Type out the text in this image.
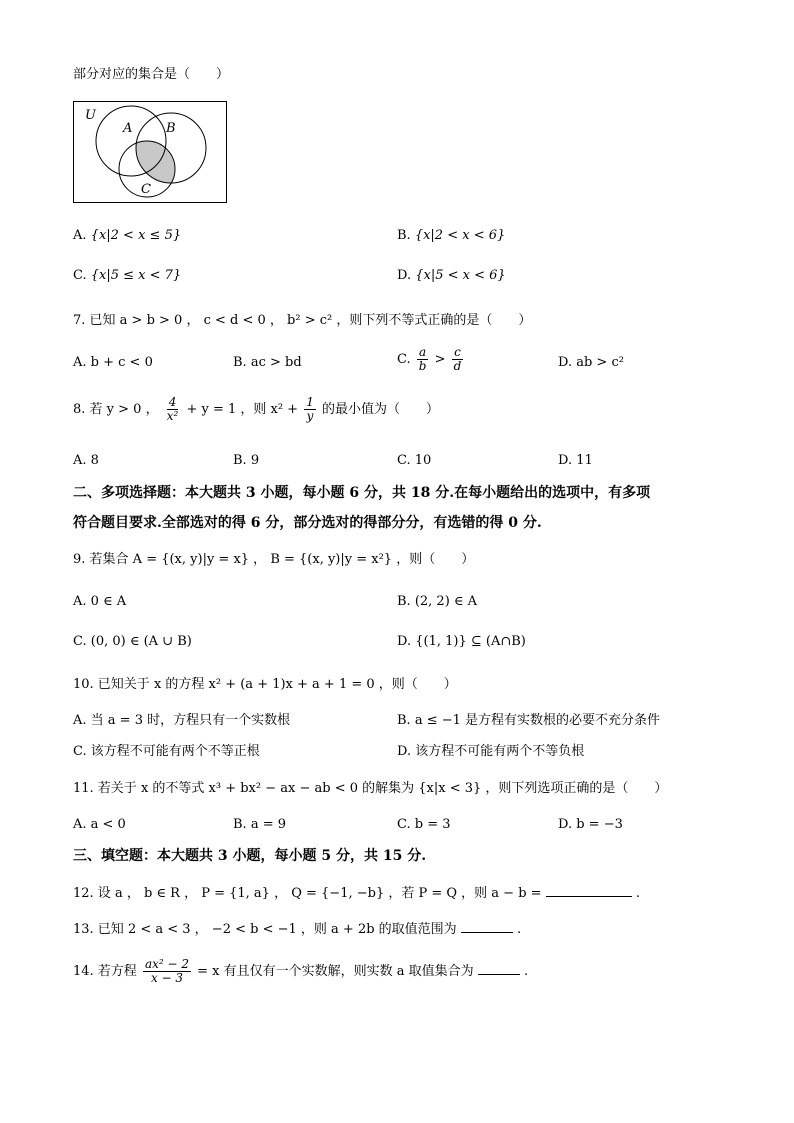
部分对应的集合是（　　）
U
A	B
C
A. {x|2 < x ≤ 5}	B. {x|2 < x < 6}
C. {x|5 ≤ x < 7}	D. {x|5 < x < 6}
7. 已知 a > b > 0 ， c < d < 0 ， b² > c² ，则下列不等式正确的是（　　）
A. b + c < 0	B. ac > bd	C. $\frac{a}{b} > \frac{c}{d}$	D. ab > c²
8. 若 y > 0 ， $\frac{4}{\text{x²}} + y = 1$ ，则 $x^2 + \frac{1}{y}$ 的最小值为（　　）
A. 8	B. 9	C. 10	D. 11
二、多项选择题：本大题共 3 小题，每小题 6 分，共 18 分.在每小题给出的选项中，有多项
符合题目要求.全部选对的得 6 分，部分选对的得部分分，有选错的得 0 分.
9. 若集合 A = {(x, y)|y = x} ， B = {(x, y)|y = x²} ，则（　　）
A. 0 ∈ A	B. (2, 2) ∈ A
C. (0, 0) ∈ (A ∪ B)	D. {(1, 1)} ⊆ (A∩B)
10. 已知关于 x 的方程 x² + (a + 1)x + a + 1 = 0 ，则（　　）
A. 当 a = 3 时，方程只有一个实数根	B. a ≤ −1 是方程有实数根的必要不充分条件
C. 该方程不可能有两个不等正根	D. 该方程不可能有两个不等负根
11. 若关于 x 的不等式 x³ + bx² − ax − ab < 0 的解集为 {x|x < 3} ，则下列选项正确的是（　　）
A. a < 0	B. a = 9	C. b = 3	D. b = −3
三、填空题：本大题共 3 小题，每小题 5 分，共 15 分.
12. 设 a ， b ∈ R ， P = {1, a} ， Q = {−1, −b} ，若 P = Q ，则 a − b =	.
13. 已知 2 < a < 3 ， −2 < b < −1 ，则 a + 2b 的取值范围为	.
14. 若方程 $\frac{\text{ax² − 2}}{x - 3} = x$ 有且仅有一个实数解，则实数 a 取值集合为	.
